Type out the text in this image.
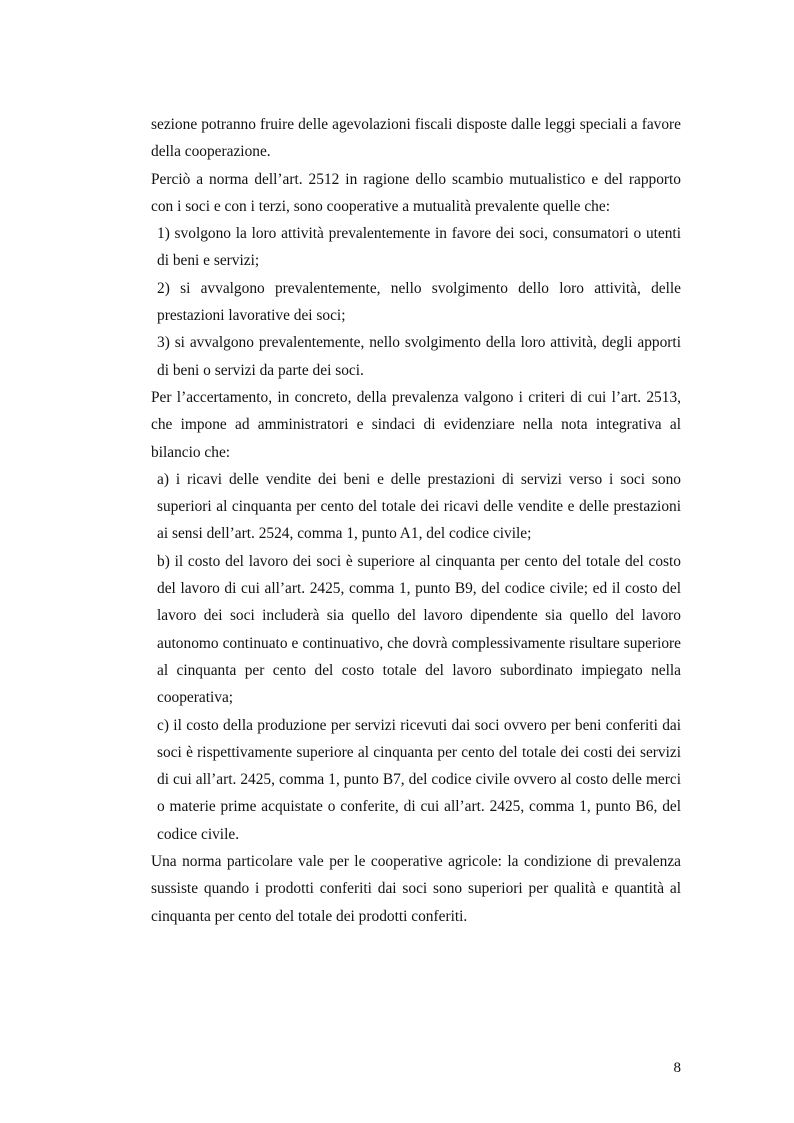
sezione potranno fruire delle agevolazioni fiscali disposte dalle leggi speciali a favore della cooperazione.

Perciò a norma dell’art. 2512 in ragione dello scambio mutualistico e del rapporto con i soci e con i terzi, sono cooperative a mutualità prevalente quelle che:

1) svolgono la loro attività prevalentemente in favore dei soci, consumatori o utenti di beni e servizi;

2) si avvalgono prevalentemente, nello svolgimento dello loro attività, delle prestazioni lavorative dei soci;

3) si avvalgono prevalentemente, nello svolgimento della loro attività, degli apporti di beni o servizi da parte dei soci.

Per l’accertamento, in concreto, della prevalenza valgono i criteri di cui l’art. 2513, che impone ad amministratori e sindaci di evidenziare nella nota integrativa al bilancio che:

a) i ricavi delle vendite dei beni e delle prestazioni di servizi verso i soci sono superiori al cinquanta per cento del totale dei ricavi delle vendite e delle prestazioni ai sensi dell’art. 2524, comma 1, punto A1, del codice civile;

b) il costo del lavoro dei soci è superiore al cinquanta per cento del totale del costo del lavoro di cui all’art. 2425, comma 1, punto B9, del codice civile; ed il costo del lavoro dei soci includerà sia quello del lavoro dipendente sia quello del lavoro autonomo continuato e continuativo, che dovrà complessivamente risultare superiore al cinquanta per cento del costo totale del lavoro subordinato impiegato nella cooperativa;

c) il costo della produzione per servizi ricevuti dai soci ovvero per beni conferiti dai soci è rispettivamente superiore al cinquanta per cento del totale dei costi dei servizi di cui all’art. 2425, comma 1, punto B7, del codice civile ovvero al costo delle merci o materie prime acquistate o conferite, di cui all’art. 2425, comma 1, punto B6, del codice civile.

Una norma particolare vale per le cooperative agricole: la condizione di prevalenza sussiste quando i prodotti conferiti dai soci sono superiori per qualità e quantità al cinquanta per cento del totale dei prodotti conferiti.

8
